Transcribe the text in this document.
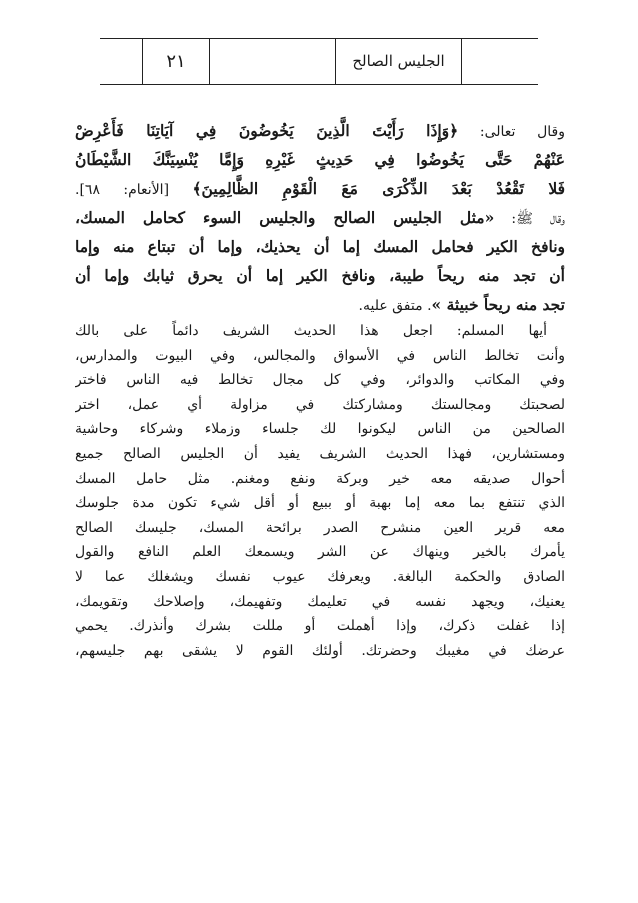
الجليس الصالح
٢١
وقال تعالى: ﴿وَإِذَا رَأَيْتَ الَّذِينَ يَخُوضُونَ فِي آيَاتِنَا فَأَعْرِضْ
عَنْهُمْ حَتَّى يَخُوضُوا فِي حَدِيثٍ غَيْرِهِ وَإِمَّا يُنْسِيَنَّكَ الشَّيْطَانُ
فَلا تَقْعُدْ بَعْدَ الذِّكْرَى مَعَ الْقَوْمِ الظَّالِمِينَ﴾ [الأنعام: ٦٨].
وقال ﷺ: «مثل الجليس الصالح والجليس السوء كحامل المسك،
ونافخ الكير فحامل المسك إما أن يحذيك، وإما أن تبتاع منه وإما
أن تجد منه ريحاً طيبة، ونافخ الكير إما أن يحرق ثيابك وإما أن
تجد منه ريحاً خبيثة ». متفق عليه.
أيها المسلم: اجعل هذا الحديث الشريف دائماً على بالك
وأنت تخالط الناس في الأسواق والمجالس، وفي البيوت والمدارس،
وفي المكاتب والدوائر، وفي كل مجال تخالط فيه الناس فاختر
لصحبتك ومجالستك ومشاركتك في مزاولة أي عمل، اختر
الصالحين من الناس ليكونوا لك جلساء وزملاء وشركاء وحاشية
ومستشارين، فهذا الحديث الشريف يفيد أن الجليس الصالح جميع
أحوال صديقه معه خير وبركة ونفع ومغنم. مثل حامل المسك
الذي تنتفع بما معه إما بهبة أو ببيع أو أقل شيء تكون مدة جلوسك
معه قرير العين منشرح الصدر برائحة المسك، جليسك الصالح
يأمرك بالخير وينهاك عن الشر ويسمعك العلم النافع والقول
الصادق والحكمة البالغة. ويعرفك عيوب نفسك ويشغلك عما لا
يعنيك، ويجهد نفسه في تعليمك وتفهيمك، وإصلاحك وتقويمك،
إذا غفلت ذكرك، وإذا أهملت أو مللت بشرك وأنذرك. يحمي
عرضك في مغيبك وحضرتك. أولئك القوم لا يشقى بهم جليسهم،
